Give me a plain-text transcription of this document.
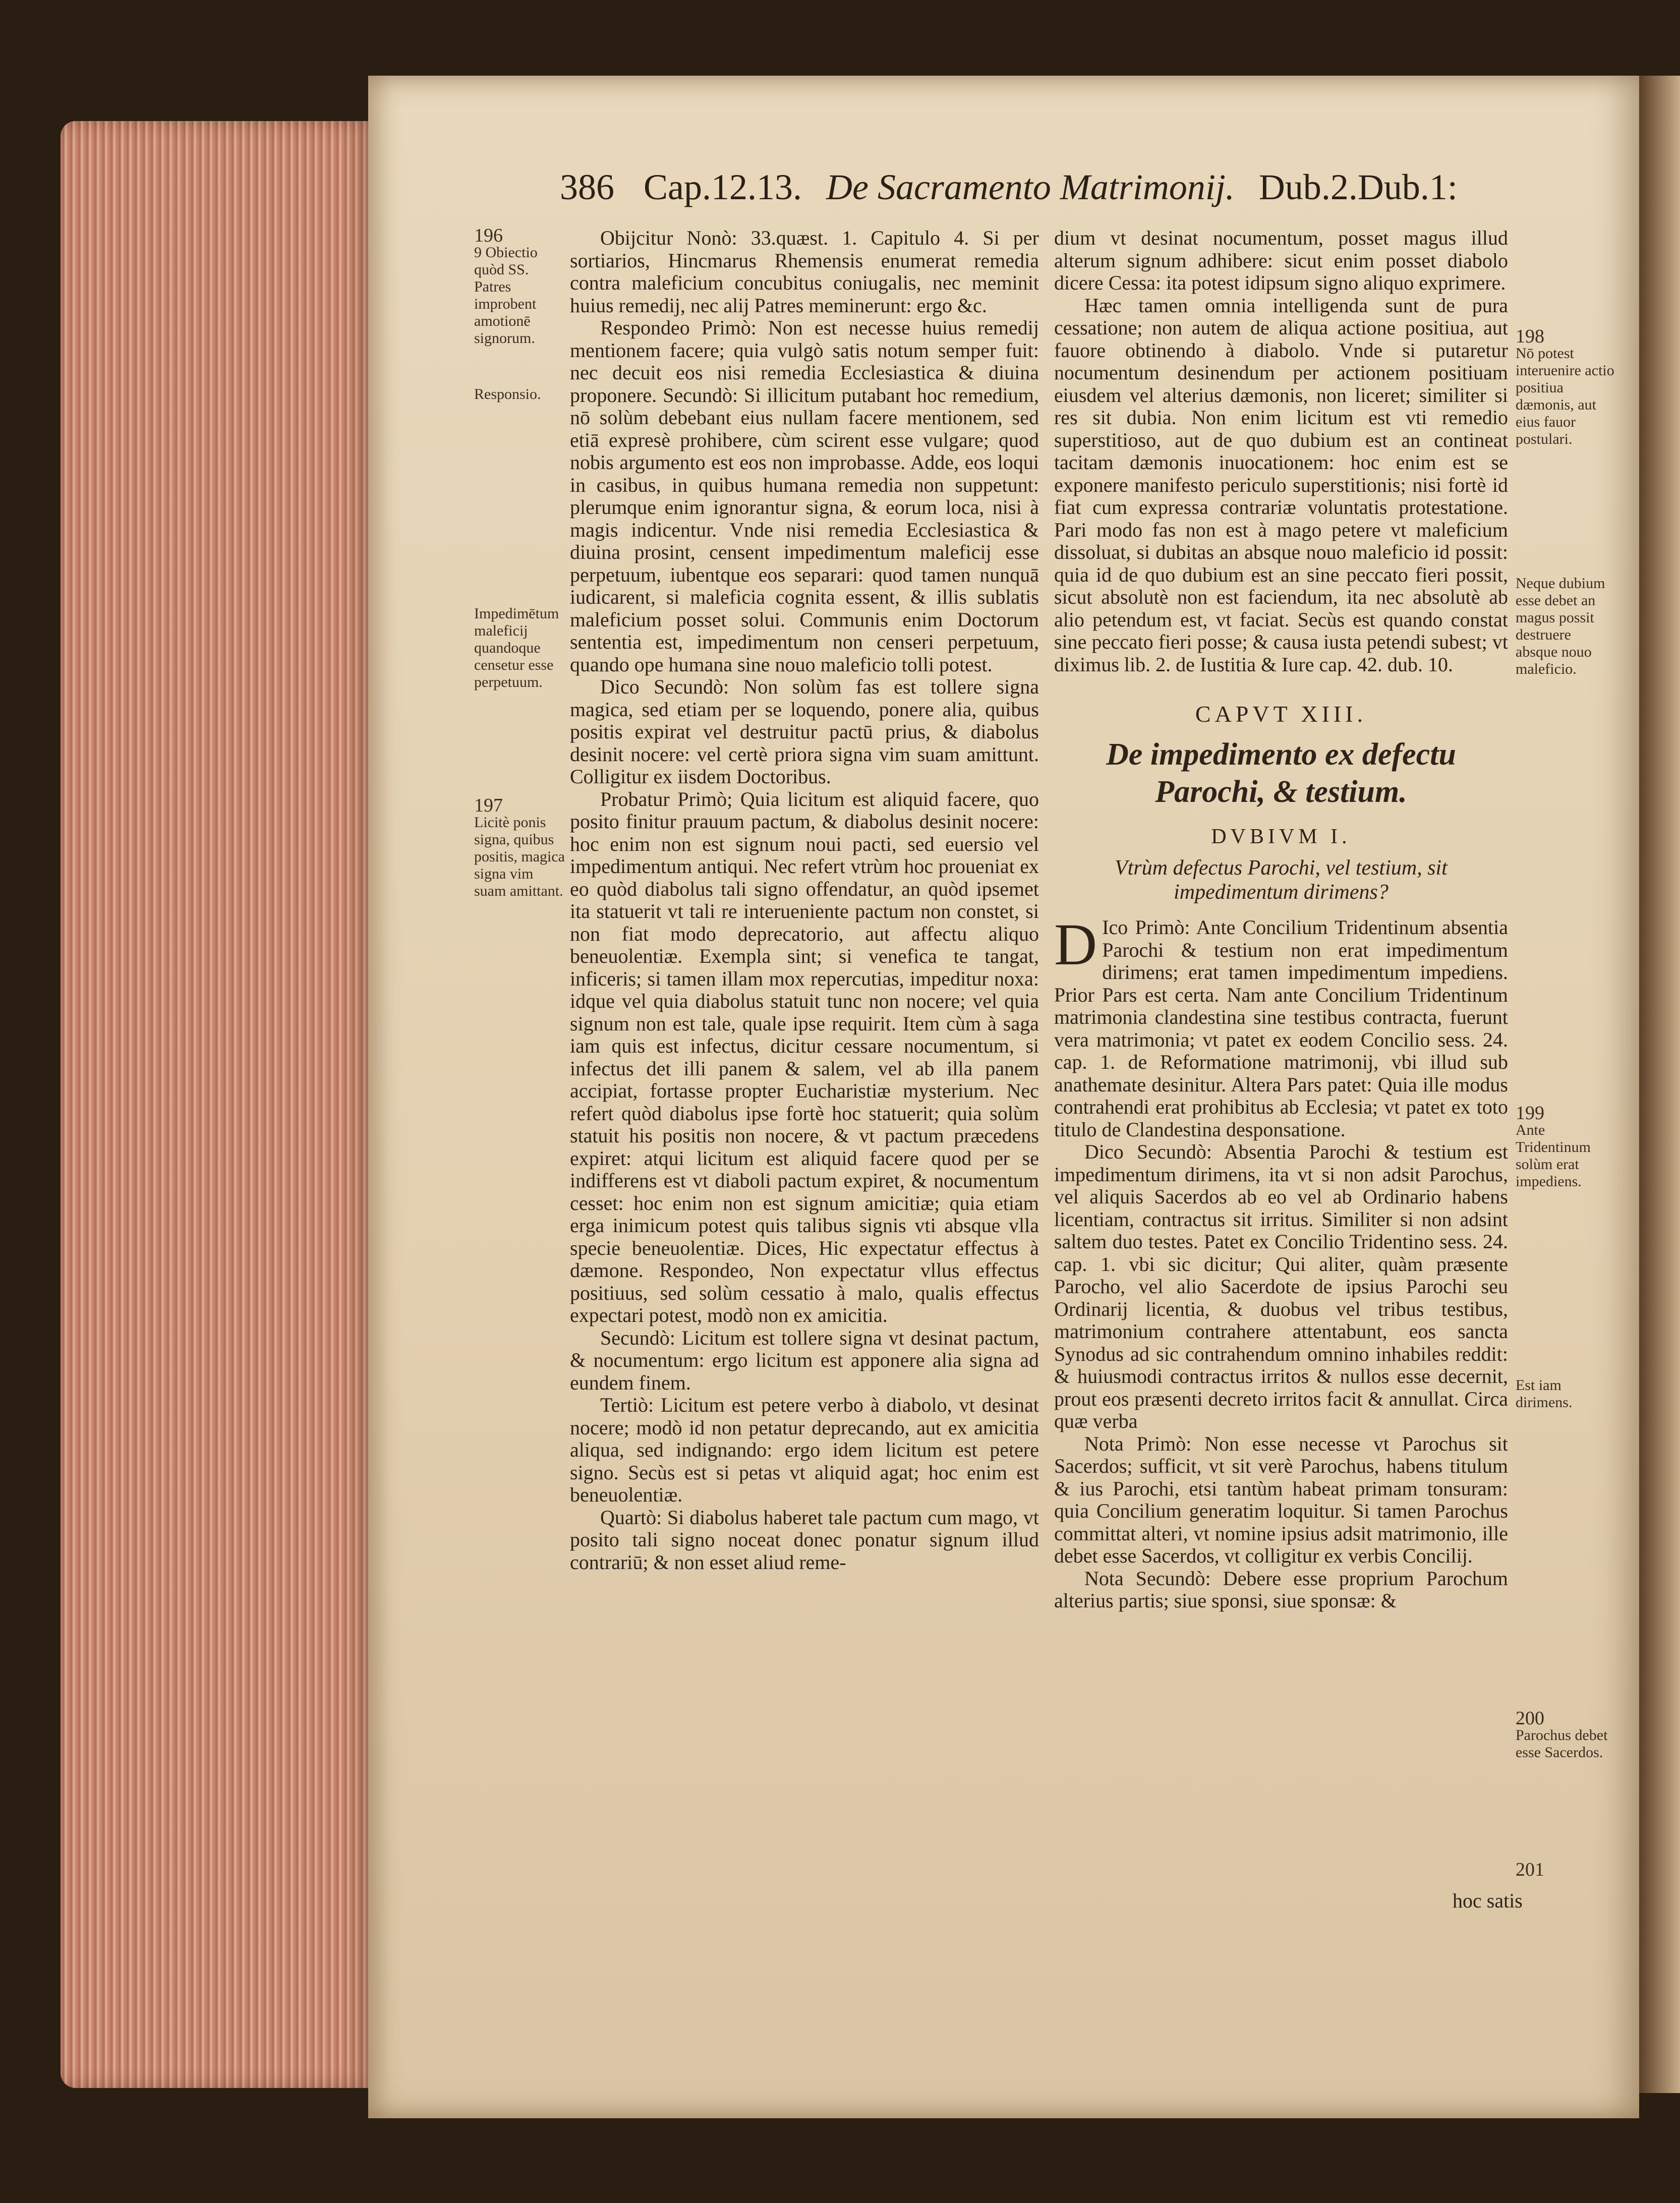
386 Cap.12.13. De Sacramento Matrimonij. Dub.2.Dub.1:

Obijcitur Nonò: 33.quæst. 1. Capitulo 4. Si per sortiarios, Hincmarus Rhemensis enumerat remedia contra maleficium concubitus coniugalis, nec meminit huius remedij, nec alij Patres meminerunt: ergo &c.

Respondeo Primò: Non est necesse huius remedij mentionem facere; quia vulgò satis notum semper fuit: nec decuit eos nisi remedia Ecclesiastica & diuina proponere. Secundò: Si illicitum putabant hoc remedium, nō solùm debebant eius nullam facere mentionem, sed etiā expresè prohibere, cùm scirent esse vulgare; quod nobis argumento est eos non improbasse. Adde, eos loqui in casibus, in quibus humana remedia non suppetunt: plerumque enim ignorantur signa, & eorum loca, nisi à magis indicentur. Vnde nisi remedia Ecclesiastica & diuina prosint, censent impedimentum maleficij esse perpetuum, iubentque eos separari: quod tamen nunquā iudicarent, si maleficia cognita essent, & illis sublatis maleficium posset solui. Communis enim Doctorum sententia est, impedimentum non censeri perpetuum, quando ope humana sine nouo maleficio tolli potest.

Dico Secundò: Non solùm fas est tollere signa magica, sed etiam per se loquendo, ponere alia, quibus positis expirat vel destruitur pactū prius, & diabolus desinit nocere: vel certè priora signa vim suam amittunt. Colligitur ex iisdem Doctoribus.

Probatur Primò; Quia licitum est aliquid facere, quo posito finitur prauum pactum, & diabolus desinit nocere: hoc enim non est signum noui pacti, sed euersio vel impedimentum antiqui. Nec refert vtrùm hoc proueniat ex eo quòd diabolus tali signo offendatur, an quòd ipsemet ita statuerit vt tali re interueniente pactum non constet, si non fiat modo deprecatorio, aut affectu aliquo beneuolentiæ. Exempla sint; si venefica te tangat, inficeris; si tamen illam mox repercutias, impeditur noxa: idque vel quia diabolus statuit tunc non nocere; vel quia signum non est tale, quale ipse requirit. Item cùm à saga iam quis est infectus, dicitur cessare nocumentum, si infectus det illi panem & salem, vel ab illa panem accipiat, fortasse propter Eucharistiæ mysterium. Nec refert quòd diabolus ipse fortè hoc statuerit; quia solùm statuit his positis non nocere, & vt pactum præcedens expiret: atqui licitum est aliquid facere quod per se indifferens est vt diaboli pactum expiret, & nocumentum cesset: hoc enim non est signum amicitiæ; quia etiam erga inimicum potest quis talibus signis vti absque vlla specie beneuolentiæ. Dices, Hic expectatur effectus à dæmone. Respondeo, Non expectatur vllus effectus positiuus, sed solùm cessatio à malo, qualis effectus expectari potest, modò non ex amicitia.

Secundò: Licitum est tollere signa vt desinat pactum, & nocumentum: ergo licitum est apponere alia signa ad eundem finem.

Tertiò: Licitum est petere verbo à diabolo, vt desinat nocere; modò id non petatur deprecando, aut ex amicitia aliqua, sed indignando: ergo idem licitum est petere signo. Secùs est si petas vt aliquid agat; hoc enim est beneuolentiæ.

Quartò: Si diabolus haberet tale pactum cum mago, vt posito tali signo noceat donec ponatur signum illud contrariū; & non esset aliud reme-

dium vt desinat nocumentum, posset magus illud alterum signum adhibere: sicut enim posset diabolo dicere Cessa: ita potest idipsum signo aliquo exprimere.

Hæc tamen omnia intelligenda sunt de pura cessatione; non autem de aliqua actione positiua, aut fauore obtinendo à diabolo. Vnde si putaretur nocumentum desinendum per actionem positiuam eiusdem vel alterius dæmonis, non liceret; similiter si res sit dubia. Non enim licitum est vti remedio superstitioso, aut de quo dubium est an contineat tacitam dæmonis inuocationem: hoc enim est se exponere manifesto periculo superstitionis; nisi fortè id fiat cum expressa contrariæ voluntatis protestatione. Pari modo fas non est à mago petere vt maleficium dissoluat, si dubitas an absque nouo maleficio id possit: quia id de quo dubium est an sine peccato fieri possit, sicut absolutè non est faciendum, ita nec absolutè ab alio petendum est, vt faciat. Secùs est quando constat sine peccato fieri posse; & causa iusta petendi subest; vt diximus lib. 2. de Iustitia & Iure cap. 42. dub. 10.

CAPVT XIII.
De impedimento ex defectu Parochi, & testium.
DVBIVM I.
Vtrùm defectus Parochi, vel testium, sit impedimentum dirimens?

D Ico Primò: Ante Concilium Tridentinum absentia Parochi & testium non erat impedimentum dirimens; erat tamen impedimentum impediens. Prior Pars est certa. Nam ante Concilium Tridentinum matrimonia clandestina sine testibus contracta, fuerunt vera matrimonia; vt patet ex eodem Concilio sess. 24. cap. 1. de Reformatione matrimonij, vbi illud sub anathemate desinitur. Altera Pars patet: Quia ille modus contrahendi erat prohibitus ab Ecclesia; vt patet ex toto titulo de Clandestina desponsatione.

Dico Secundò: Absentia Parochi & testium est impedimentum dirimens, ita vt si non adsit Parochus, vel aliquis Sacerdos ab eo vel ab Ordinario habens licentiam, contractus sit irritus. Similiter si non adsint saltem duo testes. Patet ex Concilio Tridentino sess. 24. cap. 1. vbi sic dicitur; Qui aliter, quàm præsente Parocho, vel alio Sacerdote de ipsius Parochi seu Ordinarij licentia, & duobus vel tribus testibus, matrimonium contrahere attentabunt, eos sancta Synodus ad sic contrahendum omnino inhabiles reddit: & huiusmodi contractus irritos & nullos esse decernit, prout eos præsenti decreto irritos facit & annullat. Circa quæ verba

Nota Primò: Non esse necesse vt Parochus sit Sacerdos; sufficit, vt sit verè Parochus, habens titulum & ius Parochi, etsi tantùm habeat primam tonsuram: quia Concilium generatim loquitur. Si tamen Parochus committat alteri, vt nomine ipsius adsit matrimonio, ille debet esse Sacerdos, vt colligitur ex verbis Concilij.

Nota Secundò: Debere esse proprium Parochum alterius partis; siue sponsi, siue sponsæ: &

hoc satis
196
9 Obiectio quòd SS. Patres improbent amotionē signorum.
Responsio.
Impedimētum maleficij quandoque censetur esse perpetuum.
197
Licitè ponis signa, quibus positis, magica signa vim suam amittant.
198
Nō potest interuenire actio positiua dæmonis, aut eius fauor postulari.
Neque dubium esse debet an magus possit destruere absque nouo maleficio.
199
Ante Tridentinum solùm erat impediens.
Est iam dirimens.
200
Parochus debet esse Sacerdos.
201
